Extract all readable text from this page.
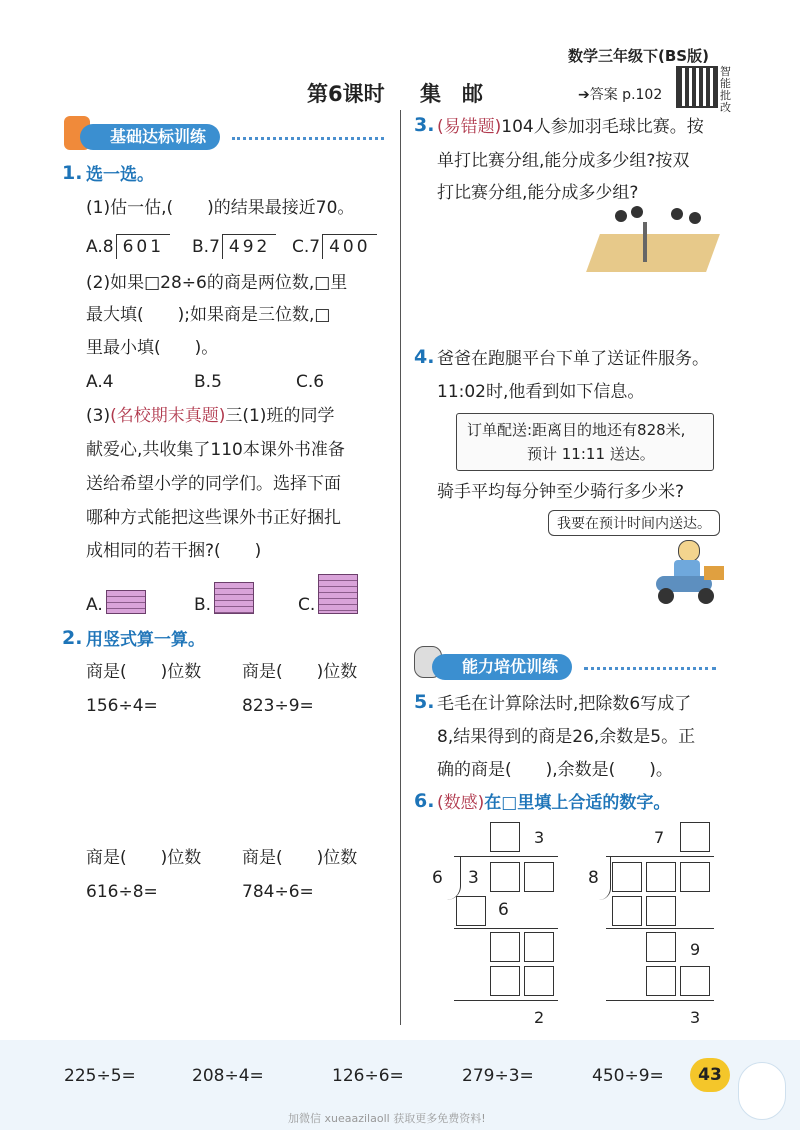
数学三年级下(BS版)
第6课时 集　邮	➔答案 p.102
智能批改
基础达标训练
1. 选一选。
(1)估一估,(　　)的结果最接近70。
A.8 601	B.7 492	C.7 400
(2)如果□28÷6的商是两位数,□里
最大填(　　);如果商是三位数,□
里最小填(　　)。
A.4	B.5	C.6
(3)(名校期末真题)三(1)班的同学
献爱心,共收集了110本课外书准备
送给希望小学的同学们。选择下面
哪种方式能把这些课外书正好捆扎
成相同的若干捆?(　　)
A.	B.	C.
2. 用竖式算一算。
商是(　　)位数
156÷4=
商是(　　)位数
823÷9=
商是(　　)位数
616÷8=
商是(　　)位数
784÷6=
3. (易错题)104人参加羽毛球比赛。按
单打比赛分组,能分成多少组?按双
打比赛分组,能分成多少组?
4. 爸爸在跑腿平台下单了送证件服务。
11:02时,他看到如下信息。
订单配送:距离目的地还有828米,
预计 11:11 送达。
骑手平均每分钟至少骑行多少米?
我要在预计时间内送达。
能力培优训练
5. 毛毛在计算除法时,把除数6写成了
8,结果得到的商是26,余数是5。正
确的商是(　　),余数是(　　)。
6. (数感)在□里填上合适的数字。
3
6 3
6
2
7
8
9
3
225÷5=	208÷4=	126÷6=	279÷3=	450÷9=	43
加微信 xueaazilaoll 获取更多免费资料!
